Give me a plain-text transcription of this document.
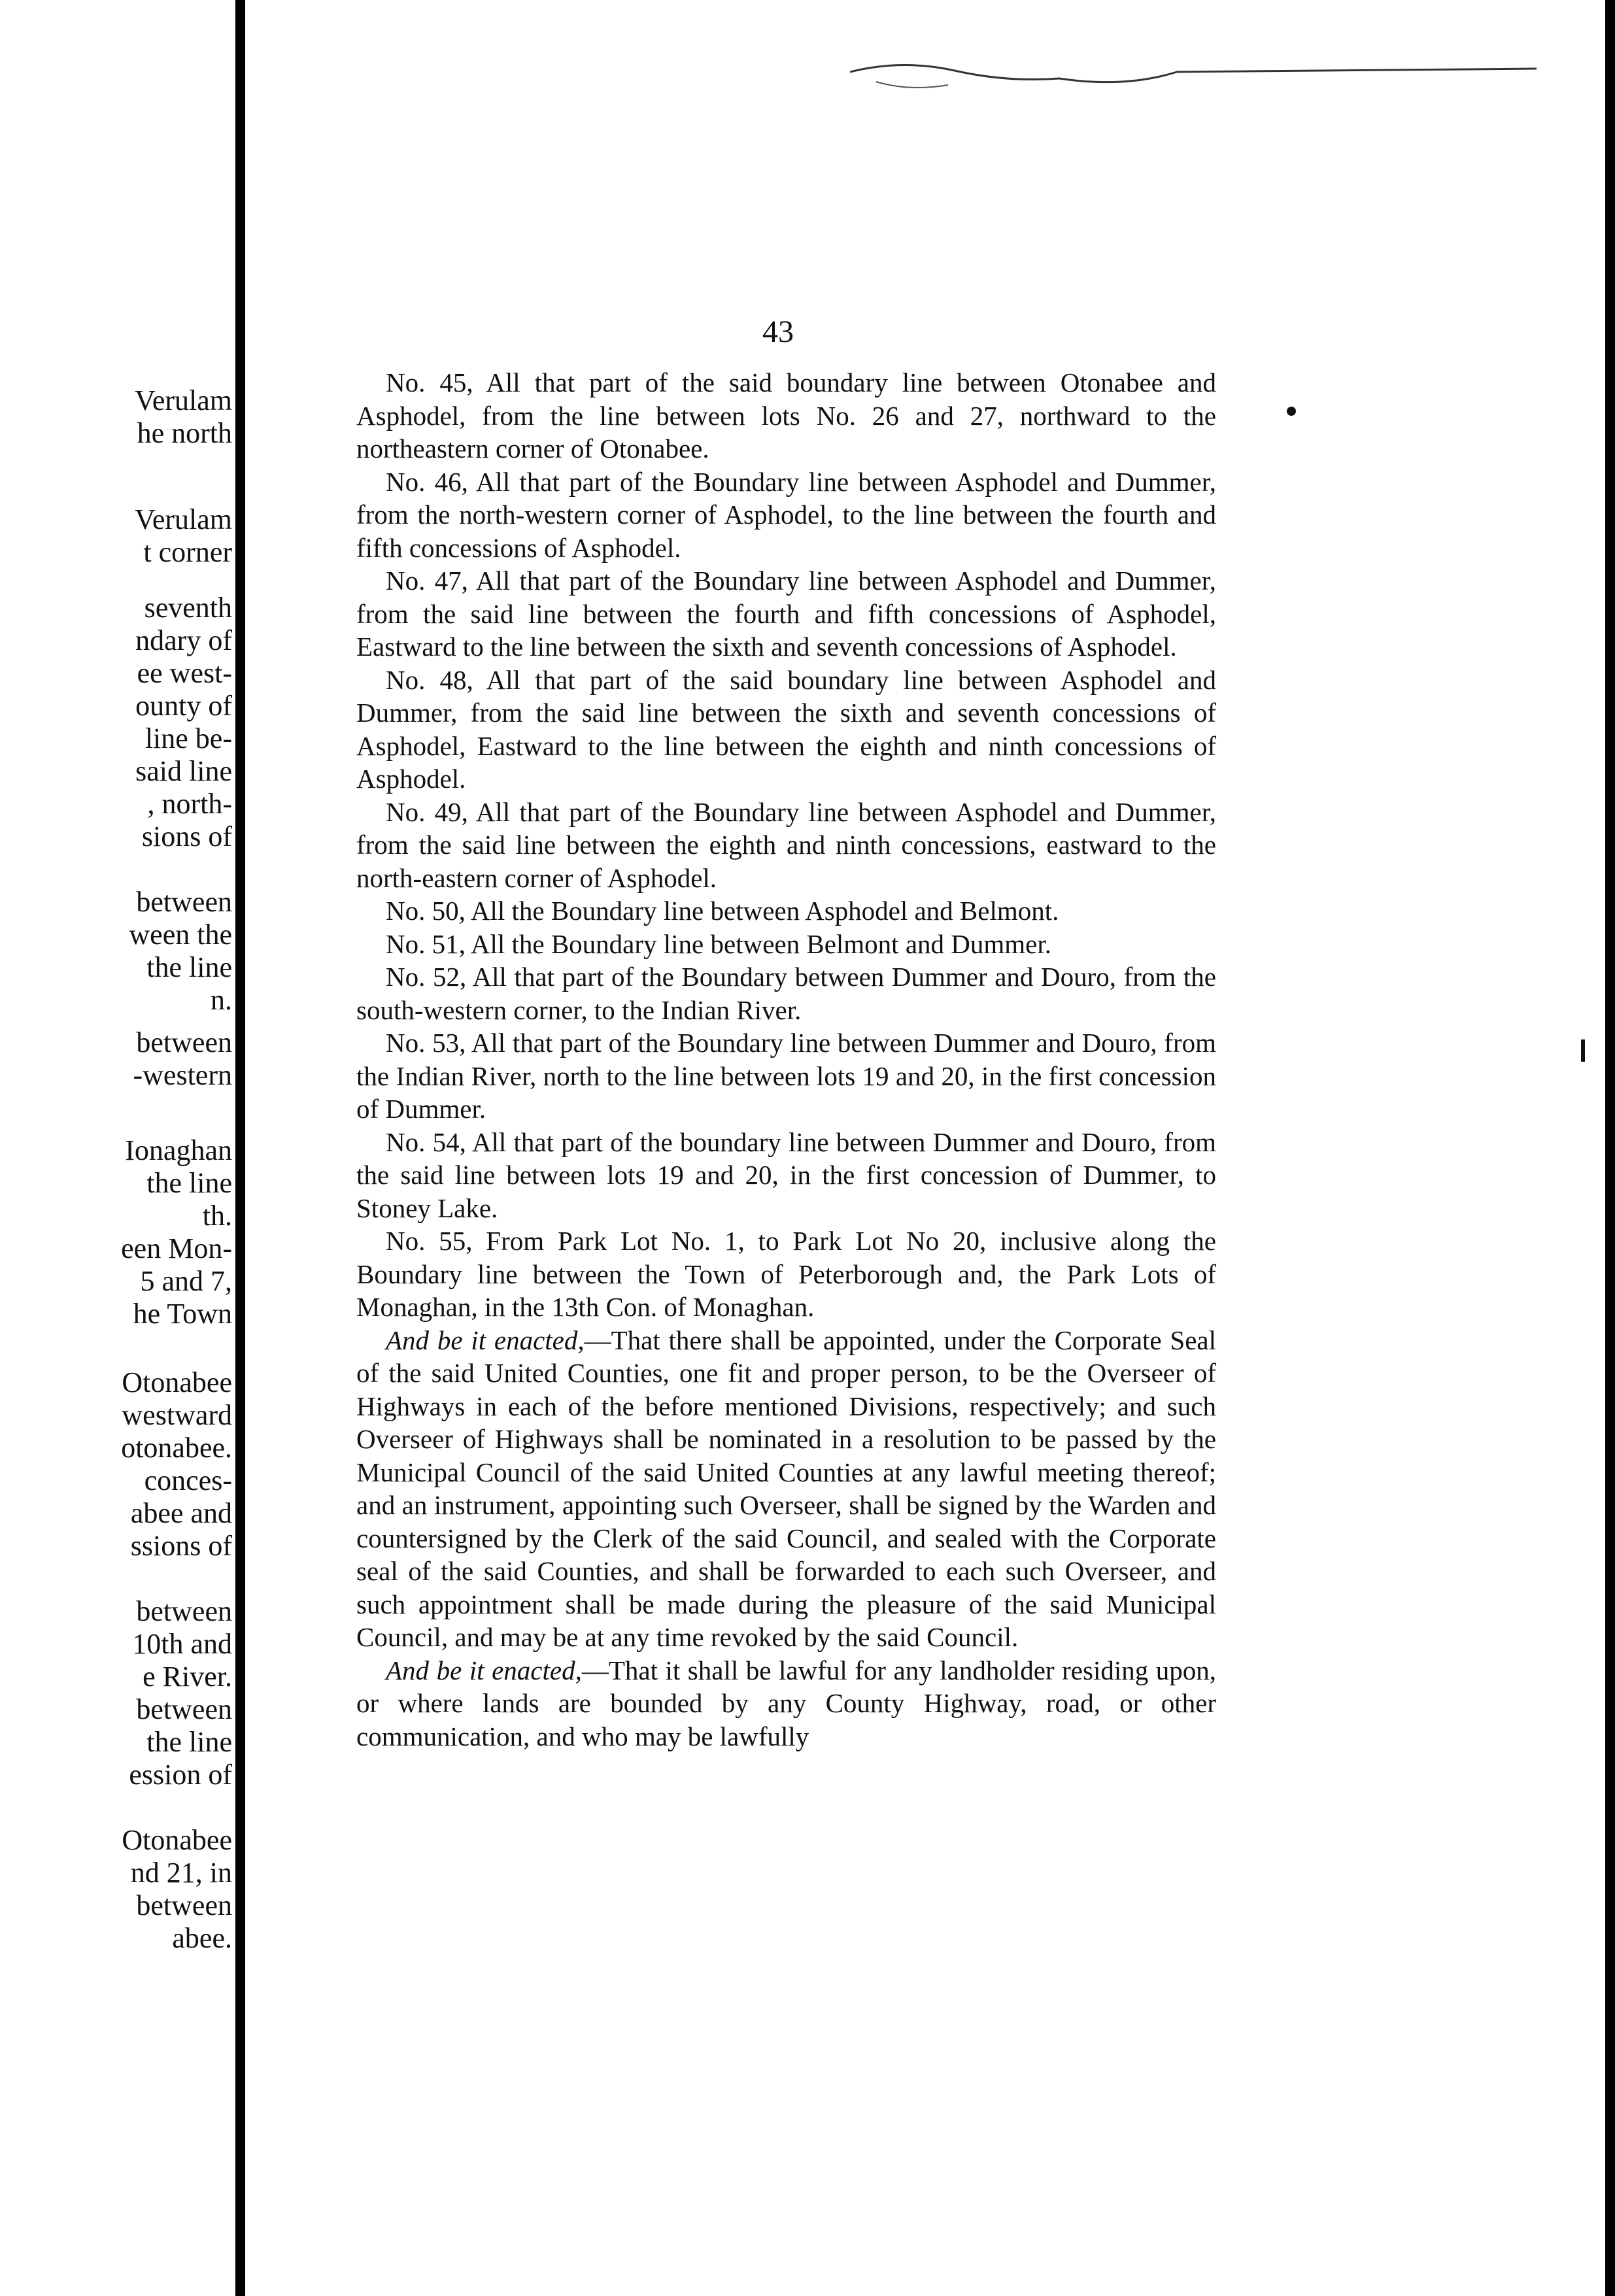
Verulam
he north
Verulam
t corner
seventh
ndary of
ee west-
ounty of
line be-
said line
, north-
sions of
between
ween the
the line
n.
between
-western
Ionaghan
the line
th.
een Mon-
5 and 7,
he Town
Otonabee
westward
otonabee.
conces-
abee and
ssions of
between
10th and
e River.
between
the line
ession of
Otonabee
nd 21, in
between
abee.
43

No. 45, All that part of the said boundary line between Otonabee and Asphodel, from the line between lots No. 26 and 27, northward to the northeastern corner of Otonabee.

No. 46, All that part of the Boundary line between Asphodel and Dummer, from the north-western corner of Asphodel, to the line between the fourth and fifth concessions of Asphodel.

No. 47, All that part of the Boundary line between Asphodel and Dummer, from the said line between the fourth and fifth concessions of Asphodel, Eastward to the line between the sixth and seventh concessions of Asphodel.

No. 48, All that part of the said boundary line between Asphodel and Dummer, from the said line between the sixth and seventh concessions of Asphodel, Eastward to the line between the eighth and ninth concessions of Asphodel.

No. 49, All that part of the Boundary line between Asphodel and Dummer, from the said line between the eighth and ninth concessions, eastward to the north-eastern corner of Asphodel.

No. 50, All the Boundary line between Asphodel and Belmont.

No. 51, All the Boundary line between Belmont and Dummer.

No. 52, All that part of the Boundary between Dummer and Douro, from the south-western corner, to the Indian River.

No. 53, All that part of the Boundary line between Dummer and Douro, from the Indian River, north to the line between lots 19 and 20, in the first concession of Dummer.

No. 54, All that part of the boundary line between Dummer and Douro, from the said line between lots 19 and 20, in the first concession of Dummer, to Stoney Lake.

No. 55, From Park Lot No. 1, to Park Lot No 20, inclusive along the Boundary line between the Town of Peterborough and, the Park Lots of Monaghan, in the 13th Con. of Monaghan.

And be it enacted,—That there shall be appointed, under the Corporate Seal of the said United Counties, one fit and proper person, to be the Overseer of Highways in each of the before mentioned Divisions, respectively; and such Overseer of Highways shall be nominated in a resolution to be passed by the Municipal Council of the said United Counties at any lawful meeting thereof; and an instrument, appointing such Overseer, shall be signed by the Warden and countersigned by the Clerk of the said Council, and sealed with the Corporate seal of the said Counties, and shall be forwarded to each such Overseer, and such appointment shall be made during the pleasure of the said Municipal Council, and may be at any time revoked by the said Council.

And be it enacted,—That it shall be lawful for any landholder residing upon, or where lands are bounded by any County Highway, road, or other communication, and who may be lawfully
